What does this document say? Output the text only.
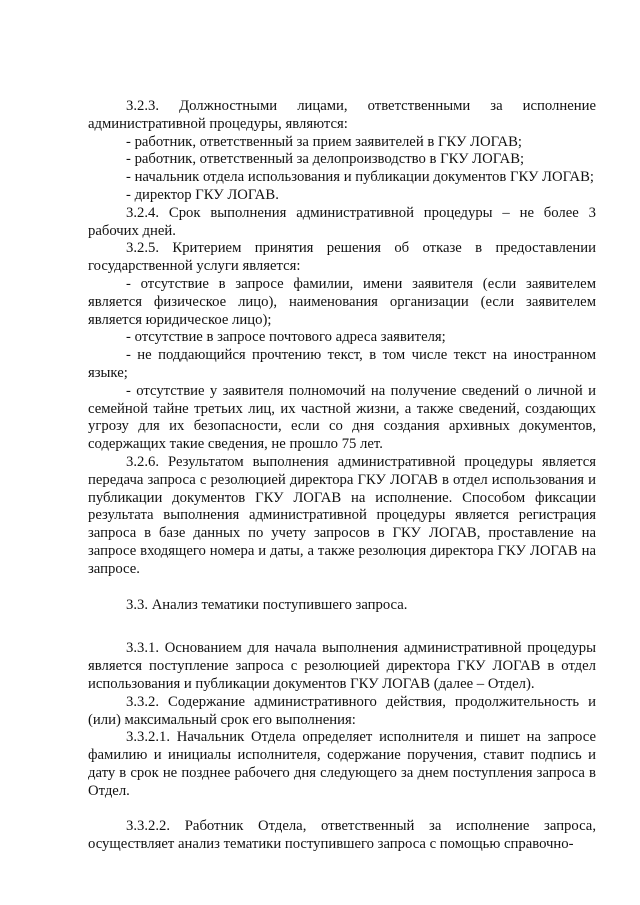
3.2.3. Должностными лицами, ответственными за исполнение административной процедуры, являются:

- работник, ответственный за прием заявителей в ГКУ ЛОГАВ;

- работник, ответственный за делопроизводство в ГКУ ЛОГАВ;

- начальник отдела использования и публикации документов ГКУ ЛОГАВ;

- директор ГКУ ЛОГАВ.

3.2.4. Срок выполнения административной процедуры – не более 3 рабочих дней.

3.2.5. Критерием принятия решения об отказе в предоставлении государственной услуги является:

- отсутствие в запросе фамилии, имени заявителя (если заявителем является физическое лицо), наименования организации (если заявителем является юридическое лицо);

- отсутствие в запросе почтового адреса заявителя;

- не поддающийся прочтению текст, в том числе текст на иностранном языке;

- отсутствие у заявителя полномочий на получение сведений о личной и семейной тайне третьих лиц, их частной жизни, а также сведений, создающих угрозу для их безопасности, если со дня создания архивных документов, содержащих такие сведения, не прошло 75 лет.

3.2.6. Результатом выполнения административной процедуры является передача запроса с резолюцией директора ГКУ ЛОГАВ в отдел использования и публикации документов ГКУ ЛОГАВ на исполнение. Способом фиксации результата выполнения административной процедуры является регистрация запроса в базе данных по учету запросов в ГКУ ЛОГАВ, проставление на запросе входящего номера и даты, а также резолюция директора ГКУ ЛОГАВ на запросе.

3.3. Анализ тематики поступившего запроса.

3.3.1. Основанием для начала выполнения административной процедуры является поступление запроса с резолюцией директора ГКУ ЛОГАВ в отдел использования и публикации документов ГКУ ЛОГАВ (далее – Отдел).

3.3.2. Содержание административного действия, продолжительность и (или) максимальный срок его выполнения:

3.3.2.1. Начальник Отдела определяет исполнителя и пишет на запросе фамилию и инициалы исполнителя, содержание поручения, ставит подпись и дату в срок не позднее рабочего дня следующего за днем поступления запроса в Отдел.

3.3.2.2. Работник Отдела, ответственный за исполнение запроса, осуществляет анализ тематики поступившего запроса с помощью справочно-
